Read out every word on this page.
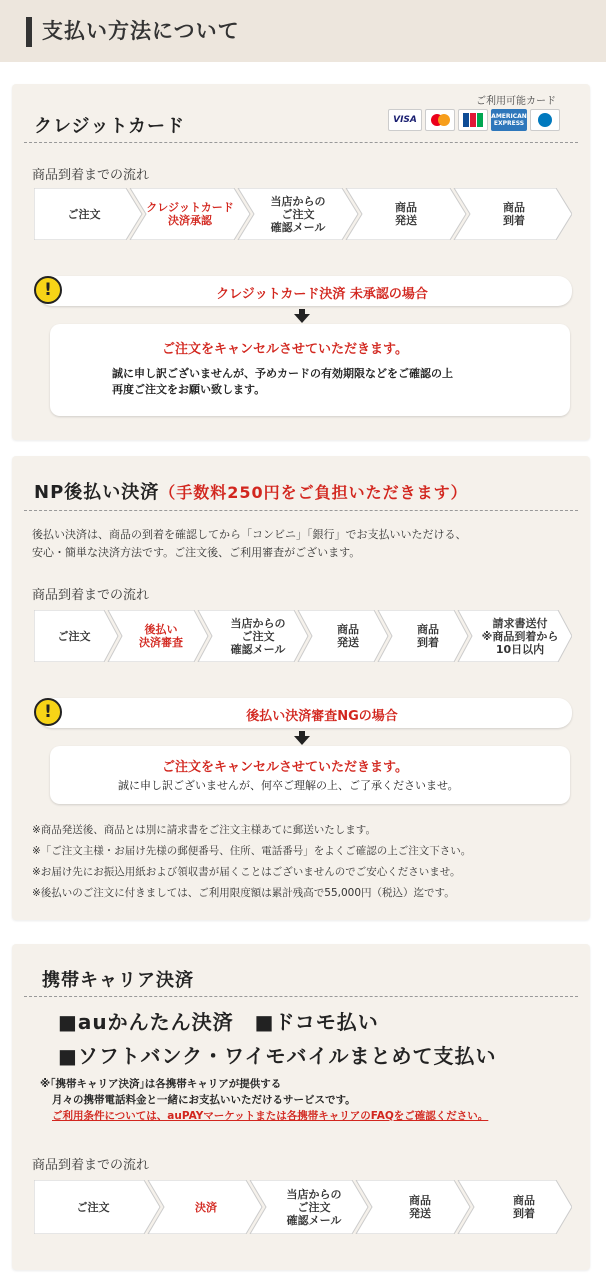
支払い方法について
クレジットカード
ご利用可能カード
VISA	AMERICAN
EXPRESS
商品到着までの流れ
ご注文	クレジットカード
決済承認
当店からの
ご注文
確認メール
商品
発送
商品
到着
!	クレジットカード決済 未承認の場合
ご注文をキャンセルさせていただきます。
誠に申し訳ございませんが、予めカードの有効期限などをご確認の上
再度ご注文をお願い致します。
NP後払い決済（手数料250円をご負担いただきます）
後払い決済は、商品の到着を確認してから「コンビニ」「銀行」でお支払いいただける、
安心・簡単な決済方法です。ご注文後、ご利用審査がございます。
商品到着までの流れ
ご注文	後払い
決済審査
当店からの
ご注文
確認メール
商品
発送
商品
到着
請求書送付
※商品到着から
10日以内
!	後払い決済審査NGの場合
ご注文をキャンセルさせていただきます。
誠に申し訳ございませんが、何卒ご理解の上、ご了承くださいませ。
※商品発送後、商品とは別に請求書をご注文主様あてに郵送いたします。
※「ご注文主様・お届け先様の郵便番号、住所、電話番号」をよくご確認の上ご注文下さい。
※お届け先にお振込用紙および領収書が届くことはございませんのでご安心くださいませ。
※後払いのご注文に付きましては、ご利用限度額は累計残高で55,000円（税込）迄です。
携帯キャリア決済
■auかんたん決済　■ドコモ払い
■ソフトバンク・ワイモバイルまとめて支払い
※｢携帯キャリア決済｣は各携帯キャリアが提供する
月々の携帯電話料金と一緒にお支払いいただけるサービスです。
ご利用条件については、auPAYマーケットまたは各携帯キャリアのFAQをご確認ください。
商品到着までの流れ
ご注文	決済
当店からの
ご注文
確認メール
商品
発送
商品
到着
